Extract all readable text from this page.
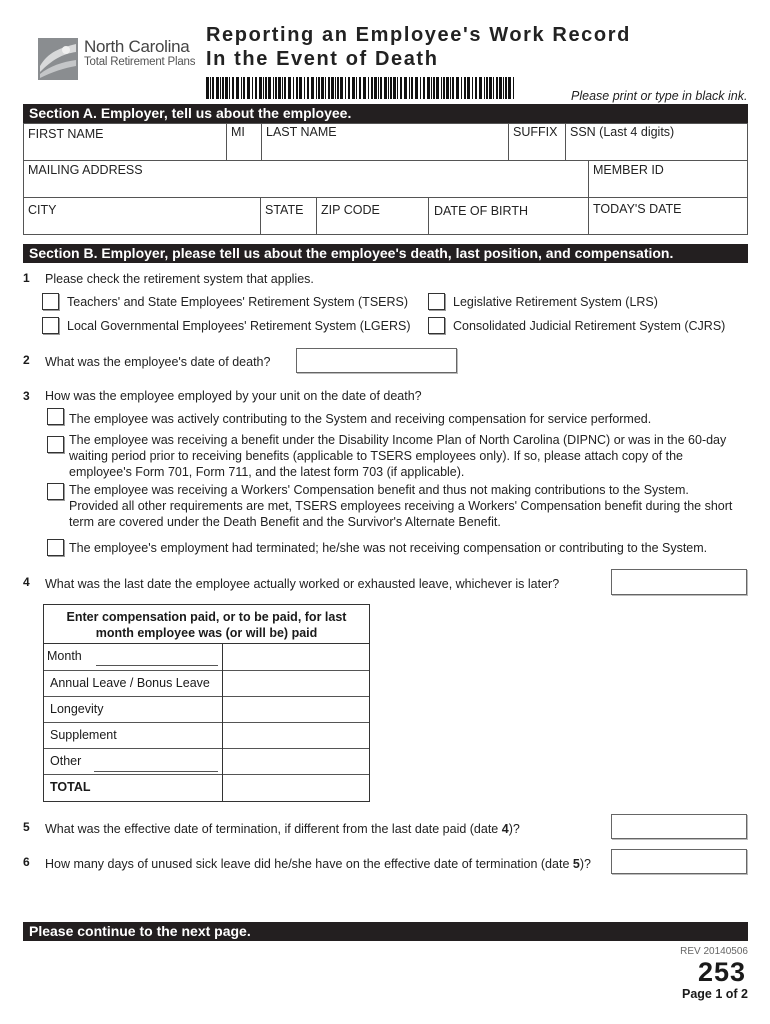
North Carolina
Total Retirement Plans
Reporting an Employee's Work Record
In the Event of Death
Please print or type in black ink.
Section A. Employer, tell us about the employee.
FIRST NAME	MI LAST NAME	SUFFIX SSN (Last 4 digits)
MAILING ADDRESS	MEMBER ID
CITY	STATE ZIP CODE	DATE OF BIRTH	TODAY'S DATE
Section B. Employer, please tell us about the employee's death, last position, and compensation.
1 Please check the retirement system that applies.
Teachers' and State Employees' Retirement System (TSERS)	Legislative Retirement System (LRS)
Local Governmental Employees' Retirement System (LGERS)	Consolidated Judicial Retirement System (CJRS)
2 What was the employee's date of death?
3 How was the employee employed by your unit on the date of death?
The employee was actively contributing to the System and receiving compensation for service performed.
The employee was receiving a benefit under the Disability Income Plan of North Carolina (DIPNC) or was in the 60-day
waiting period prior to receiving benefits (applicable to TSERS employees only). If so, please attach copy of the
employee's Form 701, Form 711, and the latest form 703 (if applicable).
The employee was receiving a Workers' Compensation benefit and thus not making contributions to the System.
Provided all other requirements are met, TSERS employees receiving a Workers' Compensation benefit during the short
term are covered under the Death Benefit and the Survivor's Alternate Benefit.
The employee's employment had terminated; he/she was not receiving compensation or contributing to the System.
4 What was the last date the employee actually worked or exhausted leave, whichever is later?
Enter compensation paid, or to be paid, for last
month employee was (or will be) paid
Month
Annual Leave / Bonus Leave
Longevity
Supplement
Other
TOTAL
5 What was the effective date of termination, if different from the last date paid (date 4)?
6 How many days of unused sick leave did he/she have on the effective date of termination (date 5)?
Please continue to the next page.
REV 20140506
253
Page 1 of 2
